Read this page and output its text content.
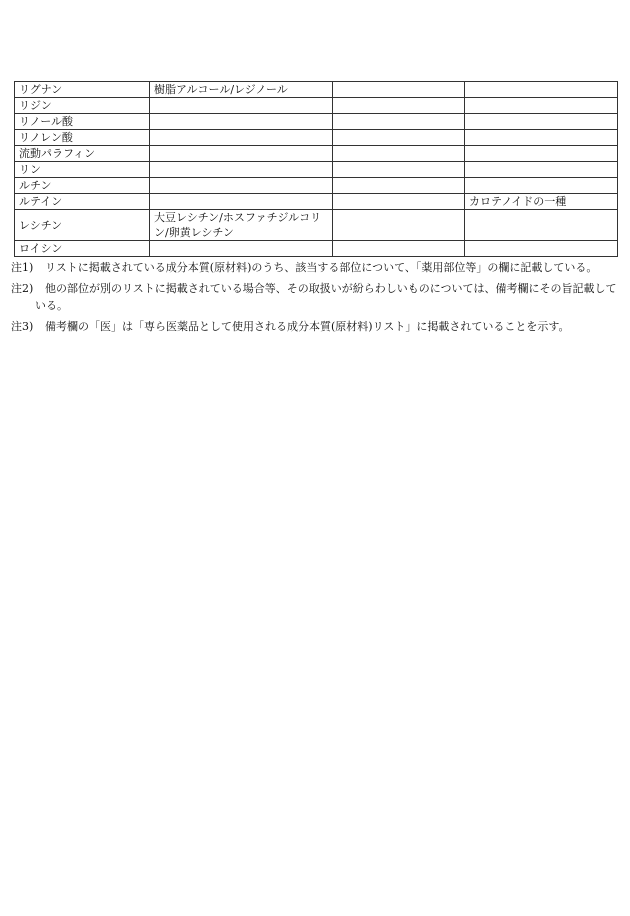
リグナン	樹脂アルコール/レジノール		
リジン			
リノール酸			
リノレン酸			
流動パラフィン			
リン			
ルチン			
ルテイン			カロテノイドの一種
レシチン	大豆レシチン/ホスファチジルコリン/卵黄レシチン		
ロイシン			
注1) リストに掲載されている成分本質(原材料)のうち、該当する部位について、「薬用部位等」の欄に記載している。
注2) 他の部位が別のリストに掲載されている場合等、その取扱いが紛らわしいものについては、備考欄にその旨記載している。
注3) 備考欄の「医」は「専ら医薬品として使用される成分本質(原材料)リスト」に掲載されていることを示す。
